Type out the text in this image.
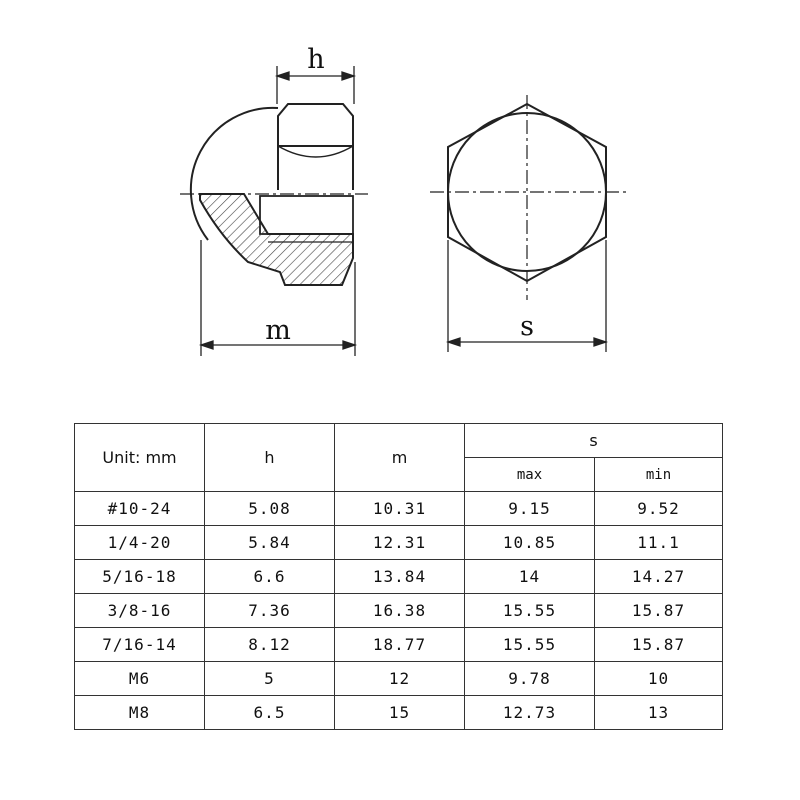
h
m	s
Unit: mm	h	m	s	
			max	min
#10-24	5.08	10.31	9.15	9.52
1/4-20	5.84	12.31	10.85	11.1
5/16-18	6.6	13.84	14	14.27
3/8-16	7.36	16.38	15.55	15.87
7/16-14	8.12	18.77	15.55	15.87
M6	5	12	9.78	10
M8	6.5	15	12.73	13
